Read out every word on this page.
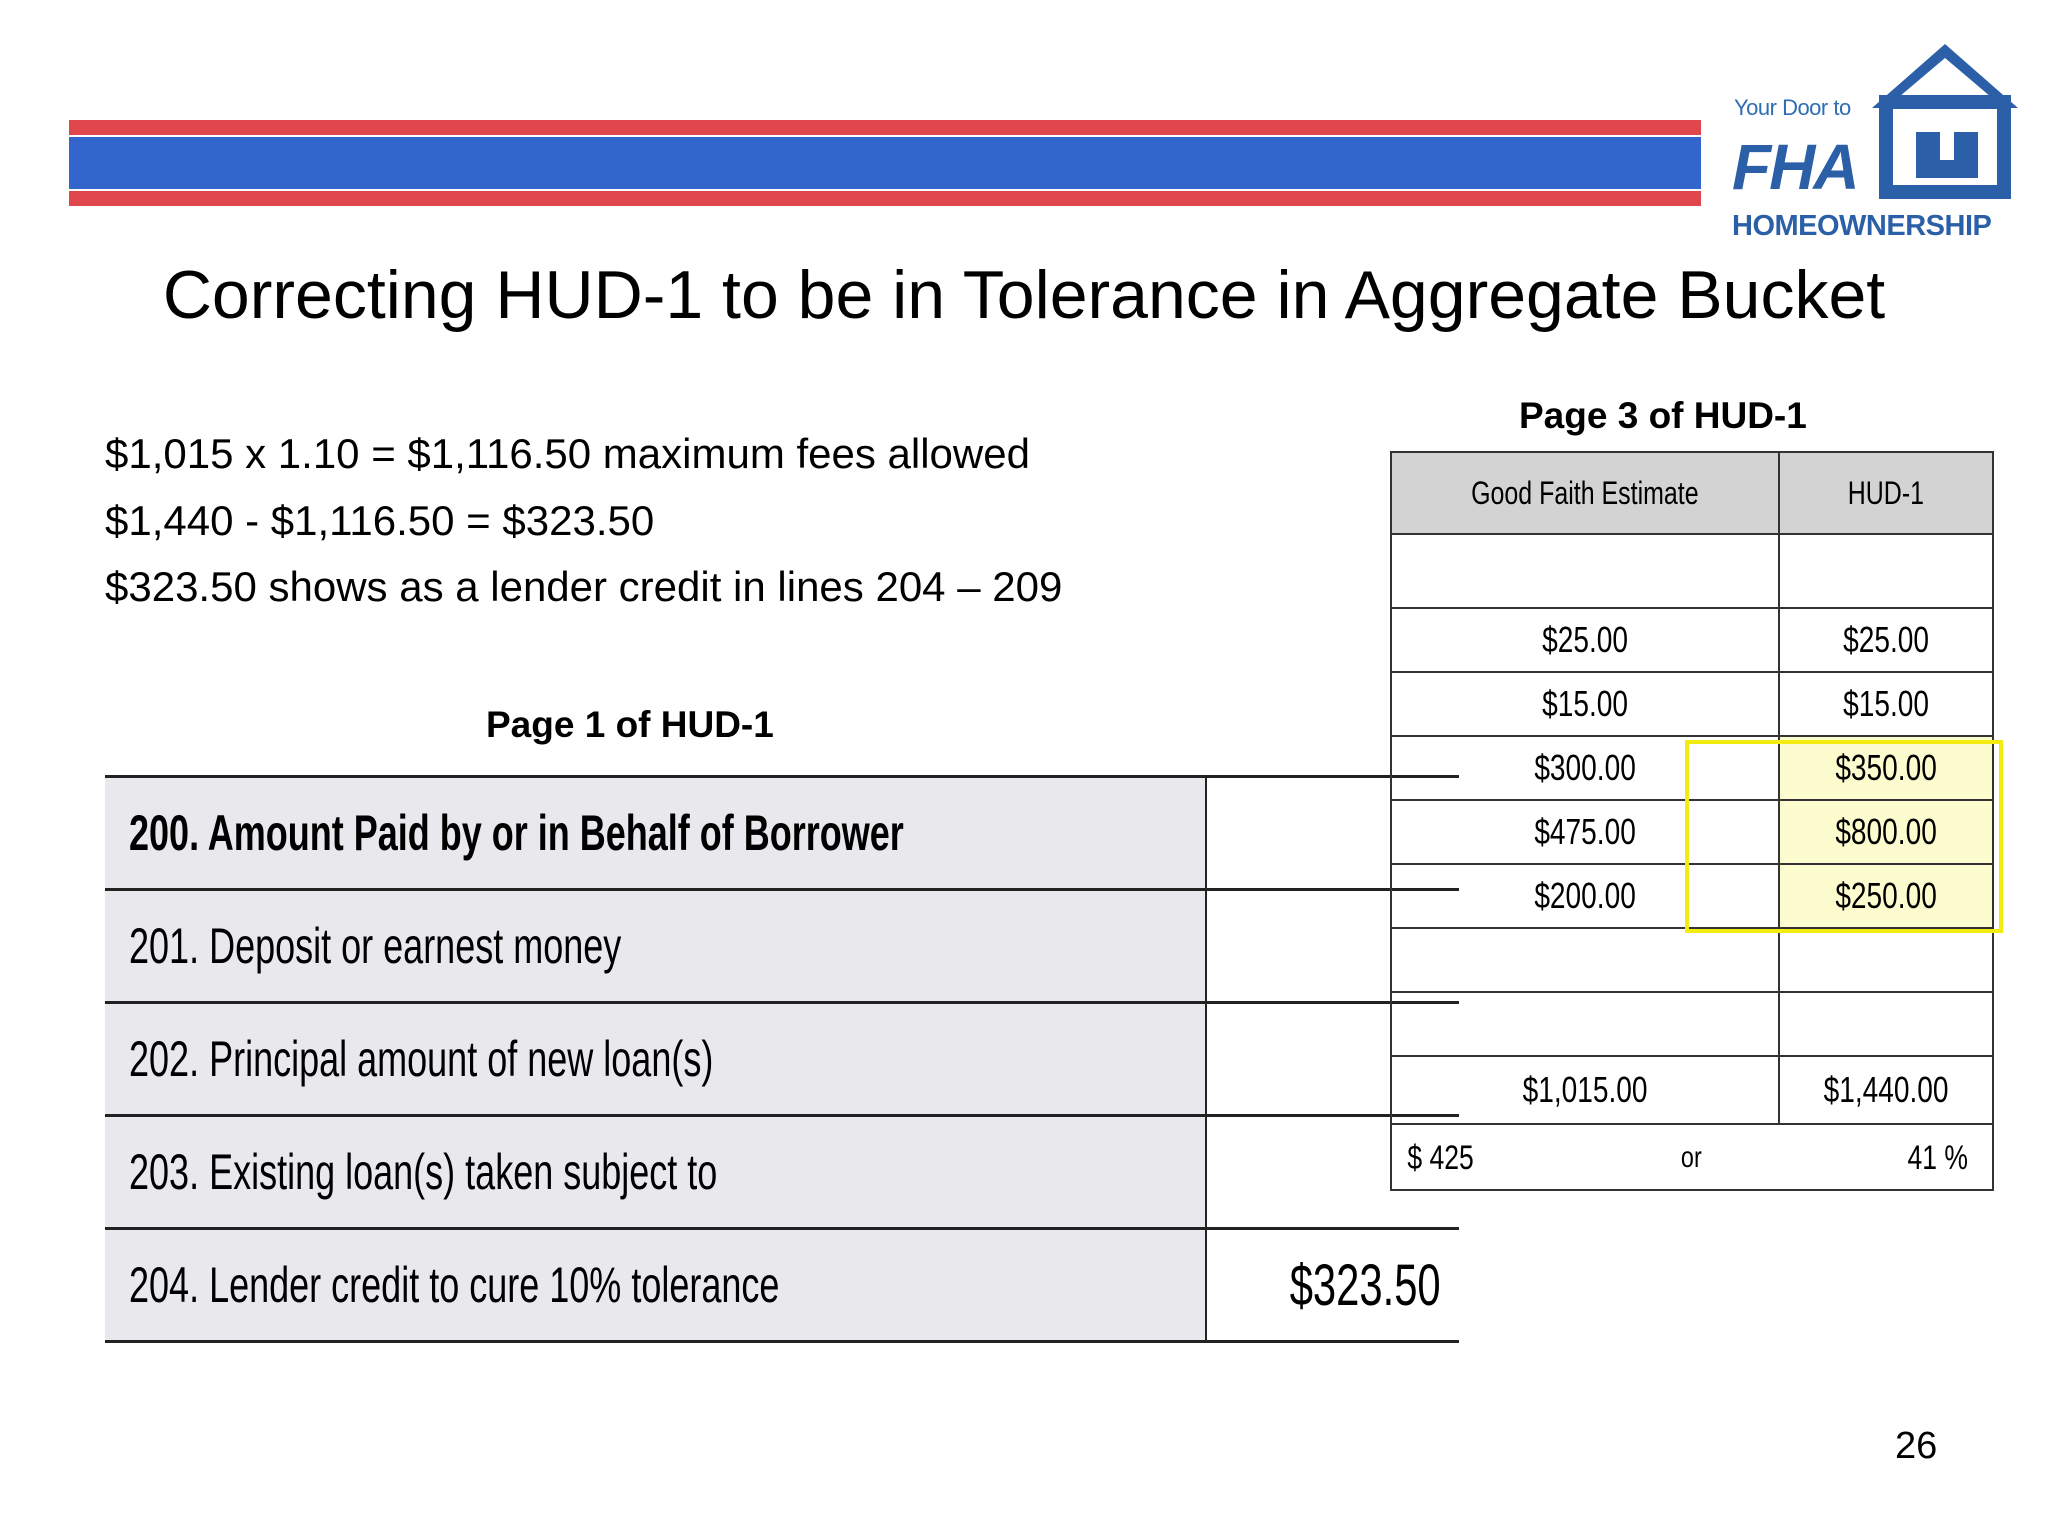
Your Door to
FHA
HOMEOWNERSHIP
Correcting HUD-1 to be in Tolerance in Aggregate Bucket
$1,015 x 1.10 = $1,116.50 maximum fees allowed
$1,440 - $1,116.50 = $323.50
$323.50 shows as a lender credit in lines 204 – 209
Page 1 of HUD-1
200. Amount Paid by or in Behalf of Borrower	
201. Deposit or earnest money	
202. Principal amount of new loan(s)	
203. Existing loan(s) taken subject to	
204. Lender credit to cure 10% tolerance	$323.50
Page 3 of HUD-1
Good Faith Estimate	HUD-1

$25.00	$25.00
$15.00	$15.00
$300.00	$350.00
$475.00	$800.00
$200.00	$250.00

$1,015.00	$1,440.00

$ 425 or 41 %	
26
